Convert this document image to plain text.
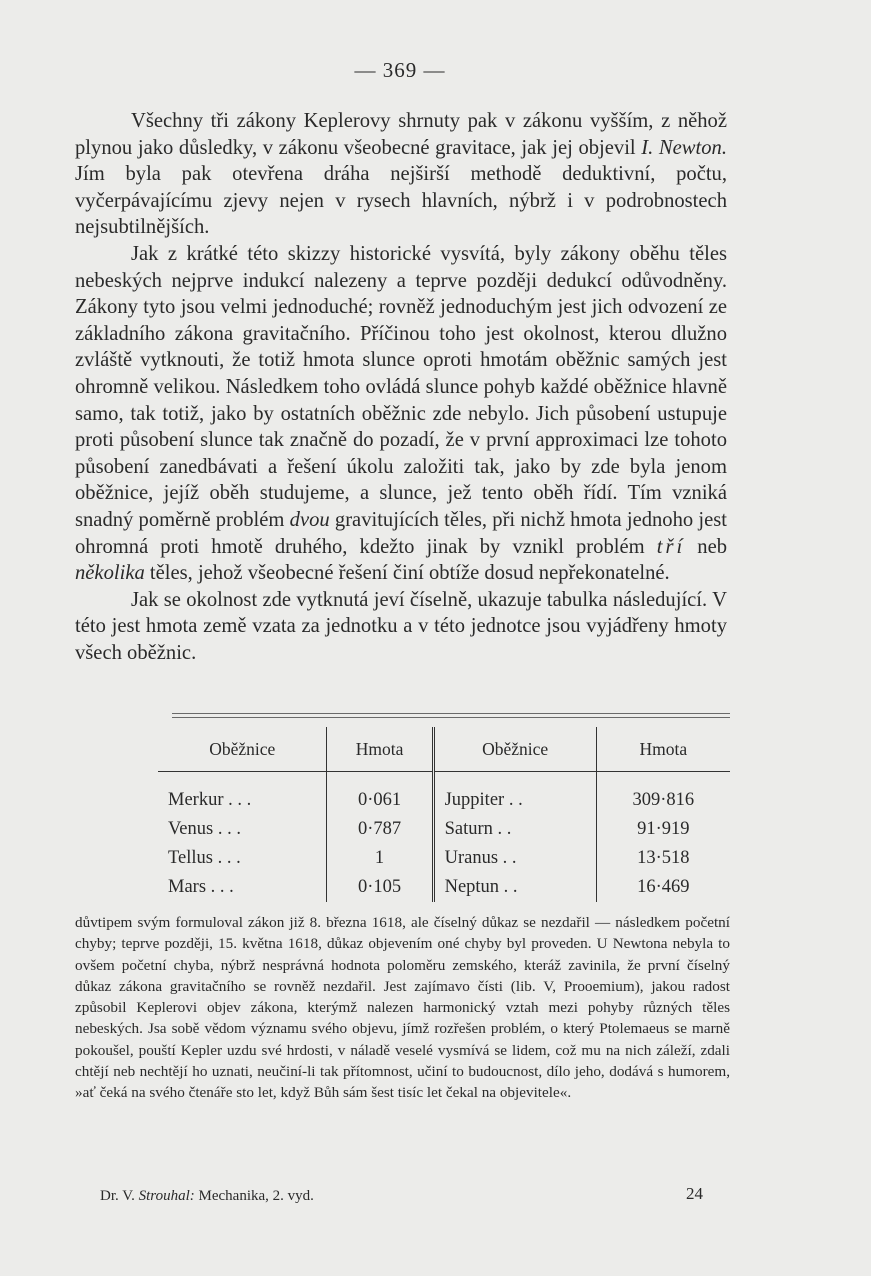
— 369 —

Všechny tři zákony Keplerovy shrnuty pak v zákonu vyšším, z něhož plynou jako důsledky, v zákonu všeobecné gravitace, jak jej objevil I. Newton. Jím byla pak otevřena dráha nejširší methodě deduktivní, počtu, vyčerpávajícímu zjevy nejen v rysech hlavních, nýbrž i v podrobnostech nejsubtilnějších.

Jak z krátké této skizzy historické vysvítá, byly zákony oběhu těles nebeských nejprve indukcí nalezeny a teprve později dedukcí odůvodněny. Zákony tyto jsou velmi jednoduché; rovněž jednoduchým jest jich odvození ze základního zákona gravitačního. Příčinou toho jest okolnost, kterou dlužno zvláště vytknouti, že totiž hmota slunce oproti hmotám oběžnic samých jest ohromně velikou. Následkem toho ovládá slunce pohyb každé oběžnice hlavně samo, tak totiž, jako by ostatních oběžnic zde nebylo. Jich působení ustupuje proti působení slunce tak značně do pozadí, že v první approximaci lze tohoto působení zanedbávati a řešení úkolu založiti tak, jako by zde byla jenom oběžnice, jejíž oběh studujeme, a slunce, jež tento oběh řídí. Tím vzniká snadný poměrně problém dvou gravitujících těles, při nichž hmota jednoho jest ohromná proti hmotě druhého, kdežto jinak by vznikl problém tří neb několika těles, jehož všeobecné řešení činí obtíže dosud nepřekonatelné.

Jak se okolnost zde vytknutá jeví číselně, ukazuje tabulka následující. V této jest hmota země vzata za jednotku a v této jednotce jsou vyjádřeny hmoty všech oběžnic.

Oběžnice	Hmota	Oběžnice	Hmota
Merkur . . .	0·061	Juppiter . .	309·816
Venus . . .	0·787	Saturn . .	91·919
Tellus . . .	1	Uranus . .	13·518
Mars . . .	0·105	Neptun . .	16·469

důvtipem svým formuloval zákon již 8. března 1618, ale číselný důkaz se nezdařil — následkem početní chyby; teprve později, 15. května 1618, důkaz objevením oné chyby byl proveden. U Newtona nebyla to ovšem početní chyba, nýbrž nesprávná hodnota poloměru zemského, kteráž zavinila, že první číselný důkaz zákona gravitačního se rovněž nezdařil. Jest zajímavo čísti (lib. V, Prooemium), jakou radost způsobil Keplerovi objev zákona, kterýmž nalezen harmonický vztah mezi pohyby různých těles nebeských. Jsa sobě vědom významu svého objevu, jímž rozřešen problém, o který Ptolemaeus se marně pokoušel, pouští Kepler uzdu své hrdosti, v náladě veselé vysmívá se lidem, což mu na nich záleží, zdali chtějí neb nechtějí ho uznati, neučiní-li tak přítomnost, učiní to budoucnost, dílo jeho, dodává s humorem, »ať čeká na svého čtenáře sto let, když Bůh sám šest tisíc let čekal na objevitele«.

Dr. V. Strouhal: Mechanika, 2. vyd.	24
